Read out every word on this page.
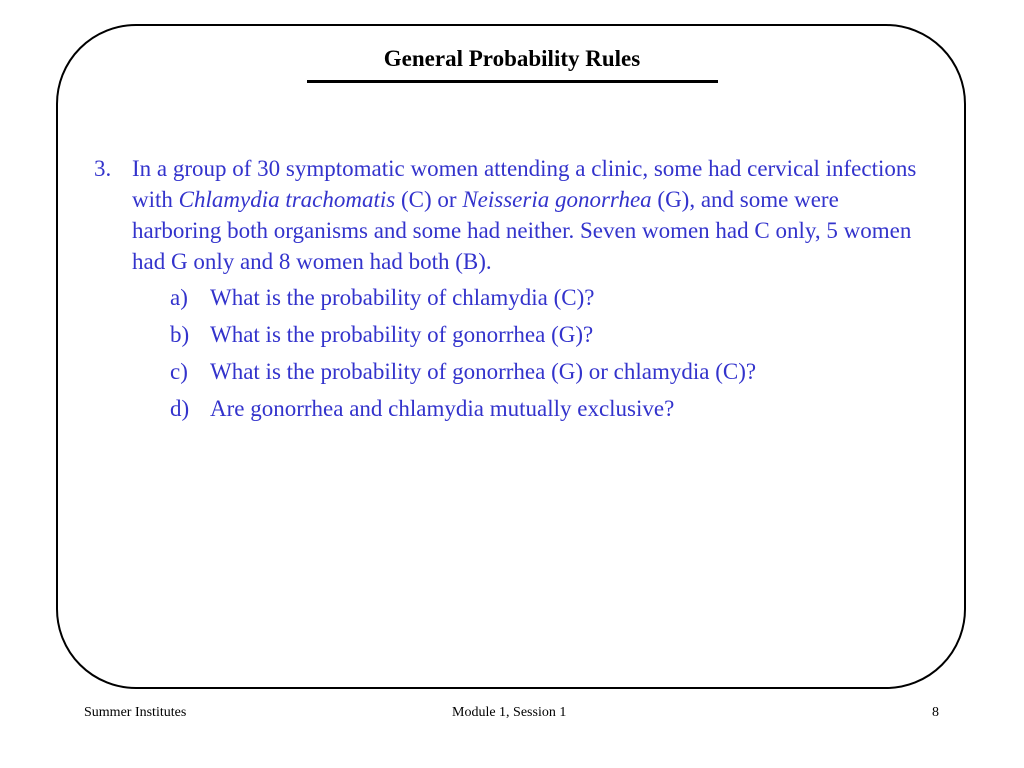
General Probability Rules
3. In a group of 30 symptomatic women attending a clinic, some had cervical infections with Chlamydia trachomatis (C) or Neisseria gonorrhea (G), and some were harboring both organisms and some had neither. Seven women had C only, 5 women had G only and 8 women had both (B).
a) What is the probability of chlamydia (C)?
b) What is the probability of gonorrhea (G)?
c) What is the probability of gonorrhea (G) or chlamydia (C)?
d) Are gonorrhea and chlamydia mutually exclusive?
Summer Institutes	Module 1, Session 1	8
